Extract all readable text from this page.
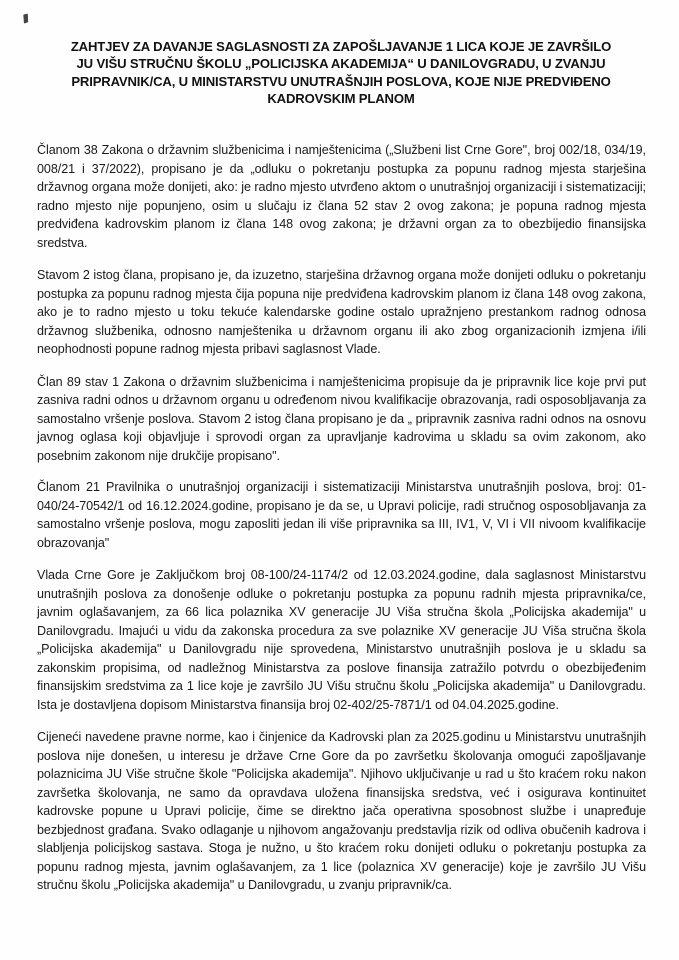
ZAHTJEV ZA DAVANJE SAGLASNOSTI ZA ZAPOŠLJAVANJE 1 LICA KOJE JE ZAVRŠILO
JU VIŠU STRUČNU ŠKOLU „POLICIJSKA AKADEMIJA“ U DANILOVGRADU, U ZVANJU
PRIPRAVNIK/CA, U MINISTARSTVU UNUTRAŠNJIH POSLOVA, KOJE NIJE PREDVIĐENO
KADROVSKIM PLANOM

Članom 38 Zakona o državnim službenicima i namještenicima („Službeni list Crne Gore", broj 002/18, 034/19, 008/21 i 37/2022), propisano je da „odluku o pokretanju postupka za popunu radnog mjesta starješina državnog organa može donijeti, ako: je radno mjesto utvrđeno aktom o unutrašnjoj organizaciji i sistematizaciji; radno mjesto nije popunjeno, osim u slučaju iz člana 52 stav 2 ovog zakona; je popuna radnog mjesta predviđena kadrovskim planom iz člana 148 ovog zakona; je državni organ za to obezbijedio finansijska sredstva.

Stavom 2 istog člana, propisano je, da izuzetno, starješina državnog organa može donijeti odluku o pokretanju postupka za popunu radnog mjesta čija popuna nije predviđena kadrovskim planom iz člana 148 ovog zakona, ako je to radno mjesto u toku tekuće kalendarske godine ostalo upražnjeno prestankom radnog odnosa državnog službenika, odnosno namještenika u državnom organu ili ako zbog organizacionih izmjena i/ili neophodnosti popune radnog mjesta pribavi saglasnost Vlade.

Član 89 stav 1 Zakona o državnim službenicima i namještenicima propisuje da je pripravnik lice koje prvi put zasniva radni odnos u državnom organu u određenom nivou kvalifikacije obrazovanja, radi osposobljavanja za samostalno vršenje poslova. Stavom 2 istog člana propisano je da „ pripravnik zasniva radni odnos na osnovu javnog oglasa koji objavljuje i sprovodi organ za upravljanje kadrovima u skladu sa ovim zakonom, ako posebnim zakonom nije drukčije propisano".

Članom 21 Pravilnika o unutrašnjoj organizaciji i sistematizaciji Ministarstva unutrašnjih poslova, broj: 01-040/24-70542/1 od 16.12.2024.godine, propisano je da se, u Upravi policije, radi stručnog osposobljavanja za samostalno vršenje poslova, mogu zaposliti jedan ili više pripravnika sa III, IV1, V, VI i VII nivoom kvalifikacije obrazovanja"

Vlada Crne Gore je Zaključkom broj 08-100/24-1174/2 od 12.03.2024.godine, dala saglasnost Ministarstvu unutrašnjih poslova za donošenje odluke o pokretanju postupka za popunu radnih mjesta pripravnika/ce, javnim oglašavanjem, za 66 lica polaznika XV generacije JU Viša stručna škola „Policijska akademija" u Danilovgradu. Imajući u vidu da zakonska procedura za sve polaznike XV generacije JU Viša stručna škola „Policijska akademija" u Danilovgradu nije sprovedena, Ministarstvo unutrašnjih poslova je u skladu sa zakonskim propisima, od nadležnog Ministarstva za poslove finansija zatražilo potvrdu o obezbijeđenim finansijskim sredstvima za 1 lice koje je završilo JU Višu stručnu školu „Policijska akademija" u Danilovgradu. Ista je dostavljena dopisom Ministarstva finansija broj 02-402/25-7871/1 od 04.04.2025.godine.

Cijeneći navedene pravne norme, kao i činjenice da Kadrovski plan za 2025.godinu u Ministarstvu unutrašnjih poslova nije donešen, u interesu je države Crne Gore da po završetku školovanja omogući zapošljavanje polaznicima JU Više stručne škole "Policijska akademija". Njihovo uključivanje u rad u što kraćem roku nakon završetka školovanja, ne samo da opravdava uložena finansijska sredstva, već i osigurava kontinuitet kadrovske popune u Upravi policije, čime se direktno jača operativna sposobnost službe i unapređuje bezbjednost građana. Svako odlaganje u njihovom angažovanju predstavlja rizik od odliva obučenih kadrova i slabljenja policijskog sastava. Stoga je nužno, u što kraćem roku donijeti odluku o pokretanju postupka za popunu radnog mjesta, javnim oglašavanjem, za 1 lice (polaznica XV generacije) koje je završilo JU Višu stručnu školu „Policijska akademija" u Danilovgradu, u zvanju pripravnik/ca.
